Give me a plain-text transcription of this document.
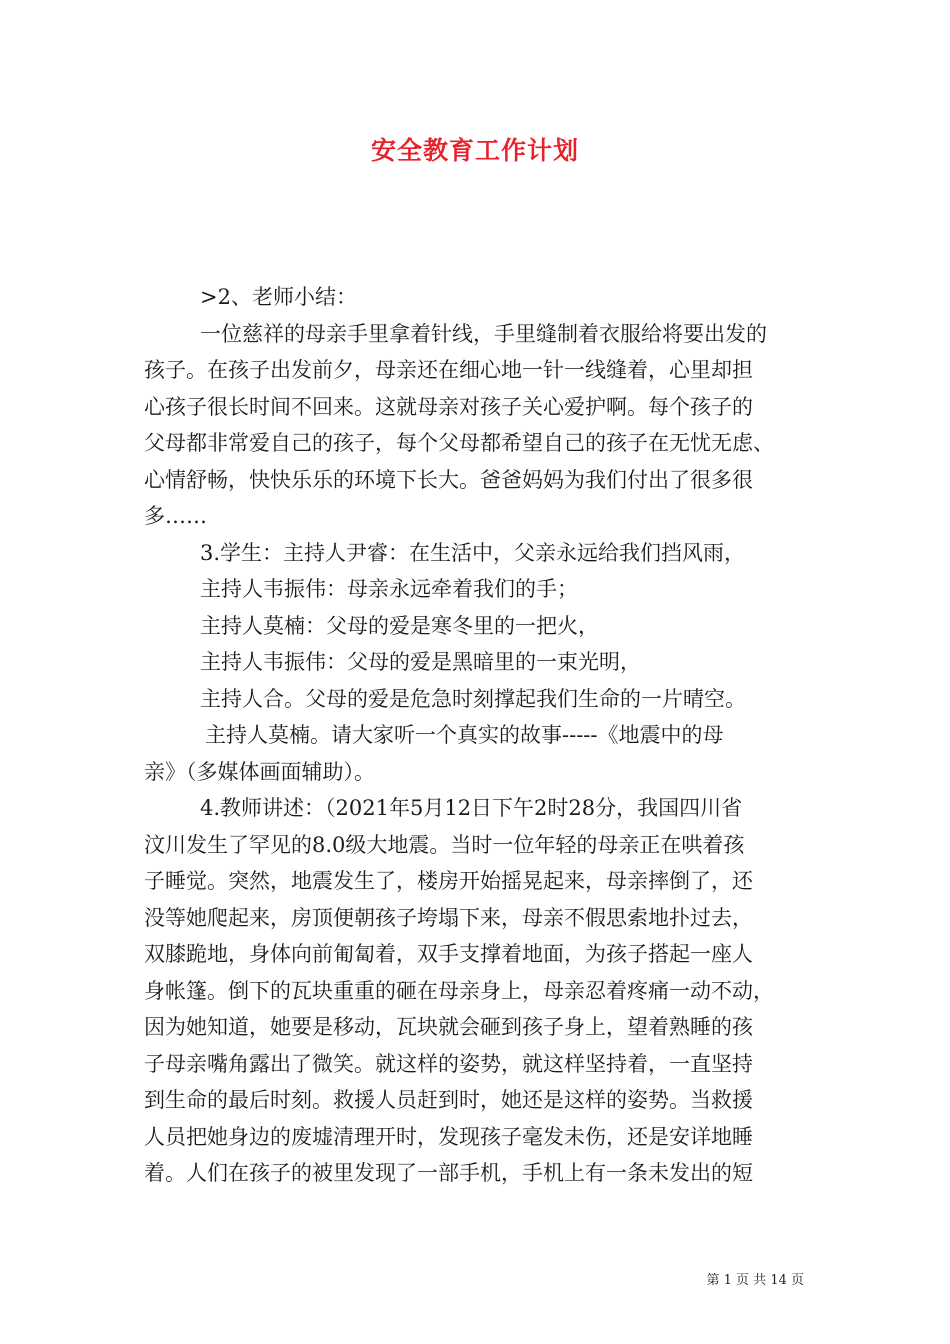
安全教育工作计划
>2、老师小结：
一位慈祥的母亲手里拿着针线，手里缝制着衣服给将要出发的
孩子。在孩子出发前夕，母亲还在细心地一针一线缝着，心里却担
心孩子很长时间不回来。这就母亲对孩子关心爱护啊。每个孩子的
父母都非常爱自己的孩子，每个父母都希望自己的孩子在无忧无虑、
心情舒畅，快快乐乐的环境下长大。爸爸妈妈为我们付出了很多很
多……
3.学生：主持人尹睿：在生活中，父亲永远给我们挡风雨，
主持人韦振伟：母亲永远牵着我们的手；
主持人莫楠：父母的爱是寒冬里的一把火，
主持人韦振伟：父母的爱是黑暗里的一束光明，
主持人合。父母的爱是危急时刻撑起我们生命的一片晴空。
主持人莫楠。请大家听一个真实的故事-----《地震中的母
亲》（多媒体画面辅助）。
4.教师讲述：（2021年5月12日下午2时28分，我国四川省
汶川发生了罕见的8.0级大地震。当时一位年轻的母亲正在哄着孩
子睡觉。突然，地震发生了，楼房开始摇晃起来，母亲摔倒了，还
没等她爬起来，房顶便朝孩子垮塌下来，母亲不假思索地扑过去，
双膝跪地，身体向前匍匐着，双手支撑着地面，为孩子搭起一座人
身帐篷。倒下的瓦块重重的砸在母亲身上，母亲忍着疼痛一动不动，
因为她知道，她要是移动，瓦块就会砸到孩子身上，望着熟睡的孩
子母亲嘴角露出了微笑。就这样的姿势，就这样坚持着，一直坚持
到生命的最后时刻。救援人员赶到时，她还是这样的姿势。当救援
人员把她身边的废墟清理开时，发现孩子毫发未伤，还是安详地睡
着。人们在孩子的被里发现了一部手机，手机上有一条未发出的短
第 1 页 共 14 页
